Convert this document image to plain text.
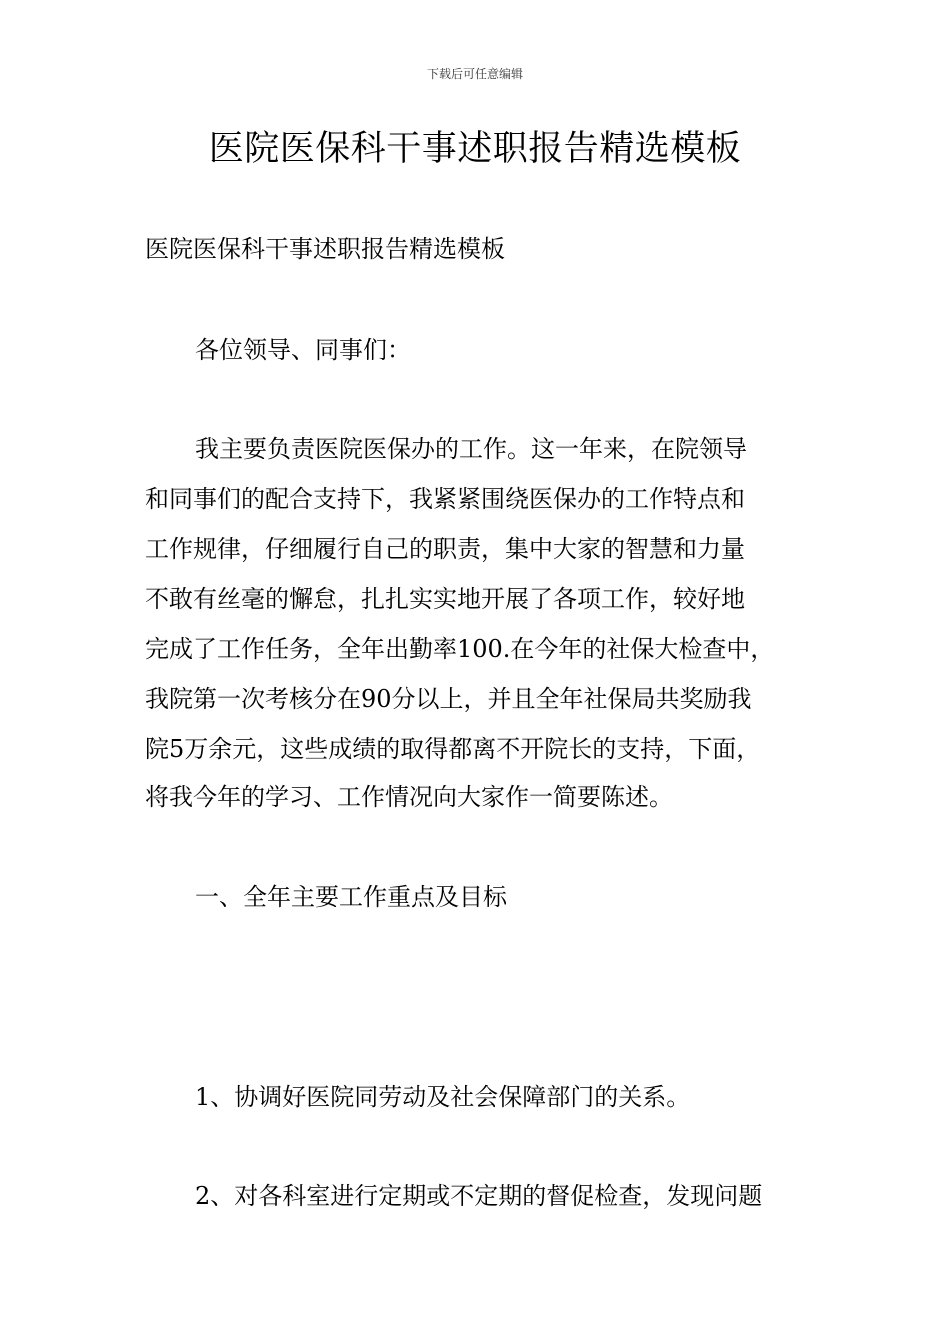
下载后可任意编辑
医院医保科干事述职报告精选模板

医院医保科干事述职报告精选模板

各位领导、同事们：

我主要负责医院医保办的工作。这一年来，在院领导

和同事们的配合支持下，我紧紧围绕医保办的工作特点和

工作规律，仔细履行自己的职责，集中大家的智慧和力量

不敢有丝毫的懈怠，扎扎实实地开展了各项工作，较好地

完成了工作任务，全年出勤率100.在今年的社保大检查中，

我院第一次考核分在90分以上，并且全年社保局共奖励我

院5万余元，这些成绩的取得都离不开院长的支持，下面，

将我今年的学习、工作情况向大家作一简要陈述。

一、全年主要工作重点及目标

1、协调好医院同劳动及社会保障部门的关系。

2、对各科室进行定期或不定期的督促检查，发现问题
